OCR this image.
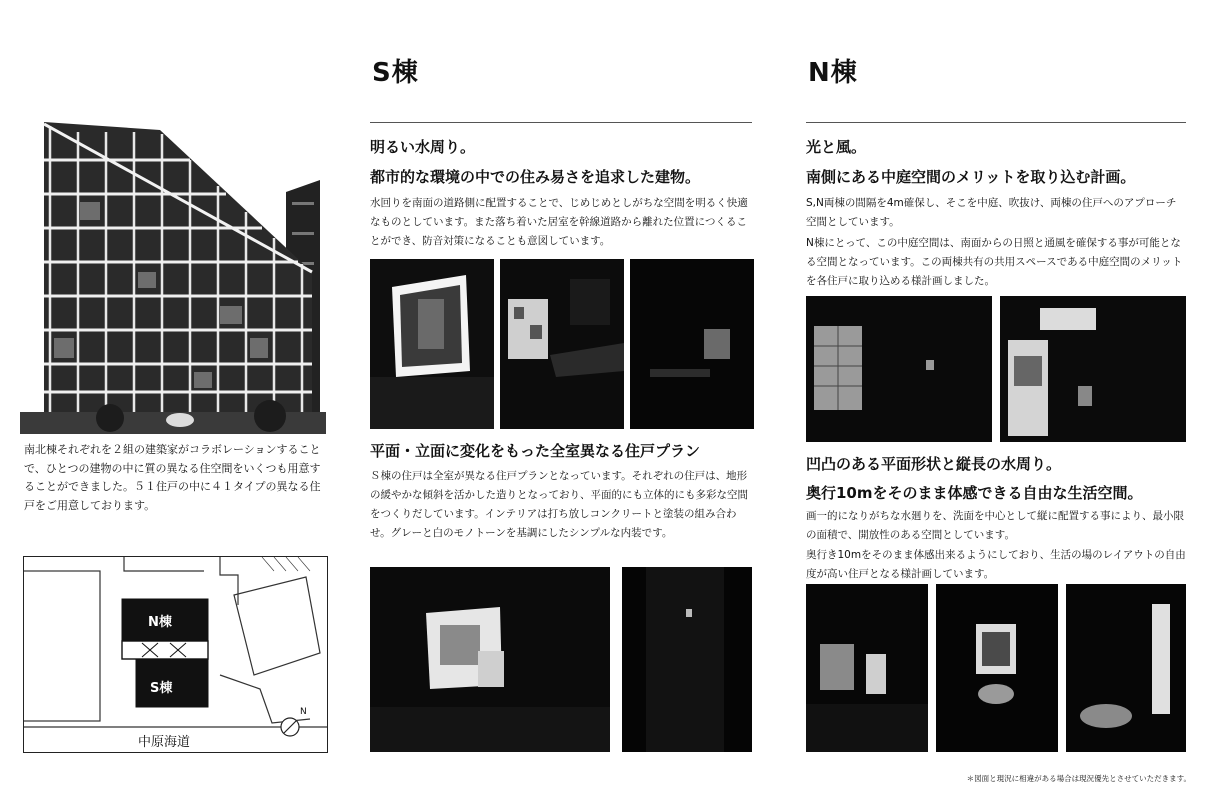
南北棟それぞれを２組の建築家がコラボレーションすることで、ひとつの建物の中に質の異なる住空間をいくつも用意することができました。５１住戸の中に４１タイプの異なる住戸をご用意しております。
N棟
S棟
中原海道
N
S棟
明るい水周り。
都市的な環境の中での住み易さを追求した建物。
水回りを南面の道路側に配置することで、じめじめとしがちな空間を明るく快適なものとしています。また落ち着いた居室を幹線道路から離れた位置につくることができ、防音対策になることも意図しています。
平面・立面に変化をもった全室異なる住戸プラン
Ｓ棟の住戸は全室が異なる住戸プランとなっています。それぞれの住戸は、地形の緩やかな傾斜を活かした造りとなっており、平面的にも立体的にも多彩な空間をつくりだしています。インテリアは打ち放しコンクリートと塗装の組み合わせ。グレーと白のモノトーンを基調にしたシンプルな内装です。
N棟
光と風。
南側にある中庭空間のメリットを取り込む計画。
S,N両棟の間隔を4m確保し、そこを中庭、吹抜け、両棟の住戸へのアプローチ空間としています。
N棟にとって、この中庭空間は、南面からの日照と通風を確保する事が可能となる空間となっています。この両棟共有の共用スペースである中庭空間のメリットを各住戸に取り込める様計画しました。
凹凸のある平面形状と縦長の水周り。
奥行10mをそのまま体感できる自由な生活空間。
画一的になりがちな水廻りを、洗面を中心として縦に配置する事により、最小限の面積で、開放性のある空間としています。
奥行き10mをそのまま体感出来るようにしており、生活の場のレイアウトの自由度が高い住戸となる様計画しています。
＊図面と現況に相違がある場合は現況優先とさせていただきます。
